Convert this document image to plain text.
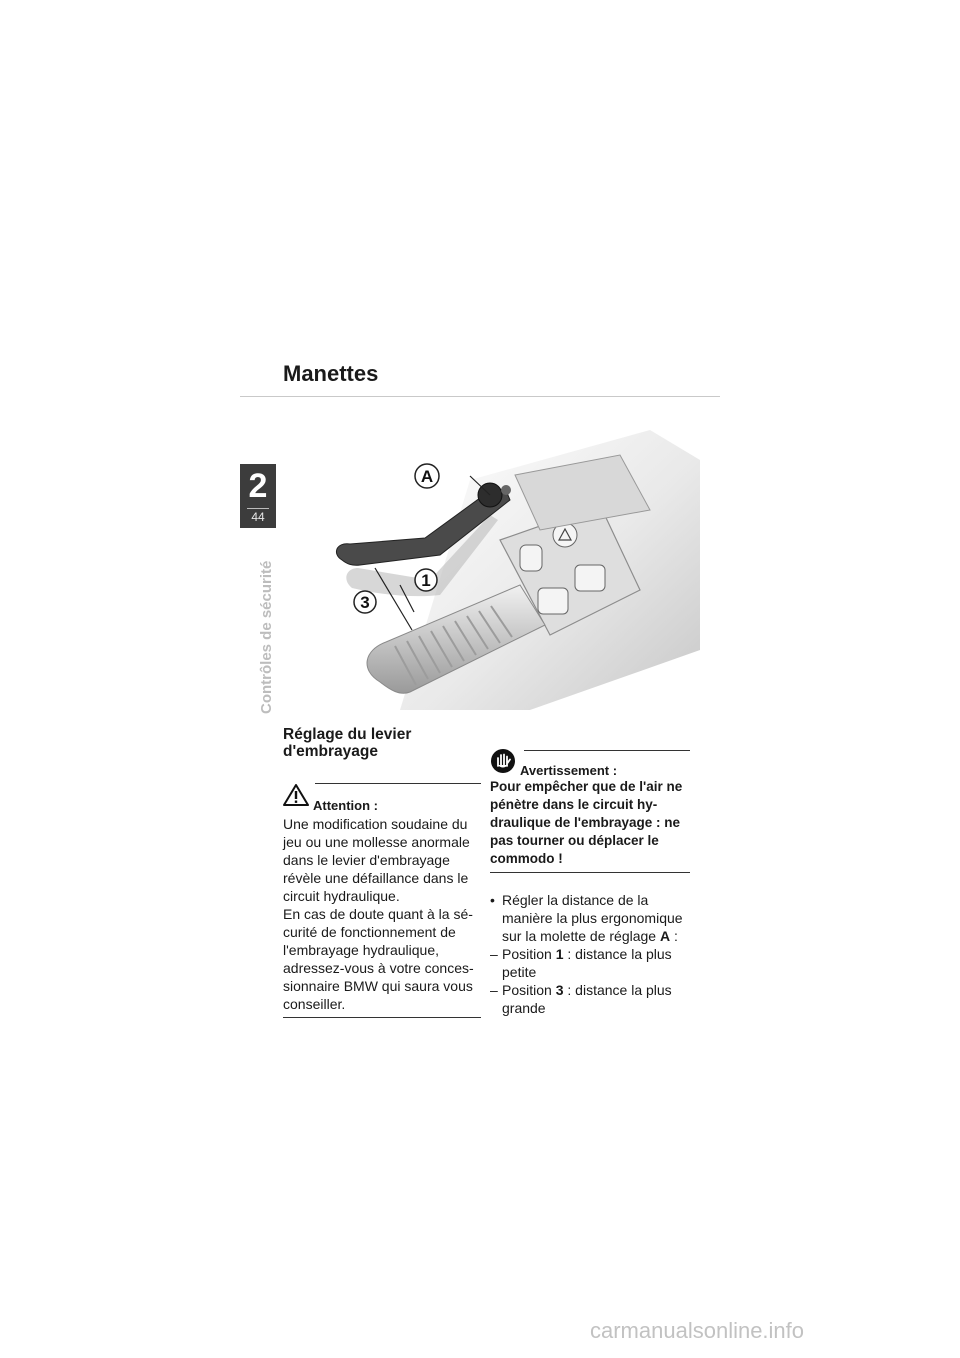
Manettes
2
44
Contrôles de sécurité
A
1
3
Réglage du levier
d'embrayage
Attention :

Une modification soudaine du
jeu ou une mollesse anormale
dans le levier d'embrayage
révèle une défaillance dans le
circuit hydraulique.
En cas de doute quant à la sé-
curité de fonctionnement de
l'embrayage hydraulique,
adressez-vous à votre conces-
sionnaire BMW qui saura vous
conseiller.

Avertissement :

Pour empêcher que de l'air ne
pénètre dans le circuit hy-
draulique de l'embrayage : ne
pas tourner ou déplacer le
commodo !

• Régler la distance de la
manière la plus ergonomique
sur la molette de réglage A :
– Position 1 : distance la plus
petite
– Position 3 : distance la plus
grande
carmanualsonline.info
